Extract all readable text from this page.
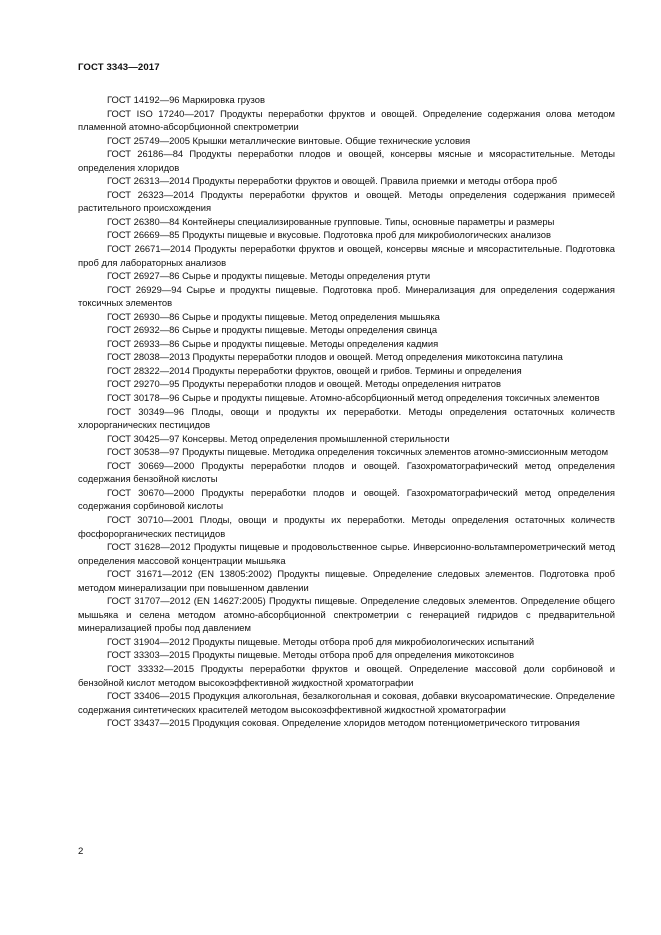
ГОСТ 3343—2017

ГОСТ 14192—96 Маркировка грузов

ГОСТ ISO 17240—2017 Продукты переработки фруктов и овощей. Определение содержания олова методом пламенной атомно-абсорбционной спектрометрии

ГОСТ 25749—2005 Крышки металлические винтовые. Общие технические условия

ГОСТ 26186—84 Продукты переработки плодов и овощей, консервы мясные и мясорастительные. Методы определения хлоридов

ГОСТ 26313—2014 Продукты переработки фруктов и овощей. Правила приемки и методы отбора проб

ГОСТ 26323—2014 Продукты переработки фруктов и овощей. Методы определения содержания примесей растительного происхождения

ГОСТ 26380—84 Контейнеры специализированные групповые. Типы, основные параметры и размеры

ГОСТ 26669—85 Продукты пищевые и вкусовые. Подготовка проб для микробиологических анализов

ГОСТ 26671—2014 Продукты переработки фруктов и овощей, консервы мясные и мясорастительные. Подготовка проб для лабораторных анализов

ГОСТ 26927—86 Сырье и продукты пищевые. Методы определения ртути

ГОСТ 26929—94 Сырье и продукты пищевые. Подготовка проб. Минерализация для определения содержания токсичных элементов

ГОСТ 26930—86 Сырье и продукты пищевые. Метод определения мышьяка

ГОСТ 26932—86 Сырье и продукты пищевые. Методы определения свинца

ГОСТ 26933—86 Сырье и продукты пищевые. Методы определения кадмия

ГОСТ 28038—2013 Продукты переработки плодов и овощей. Метод определения микотоксина патулина

ГОСТ 28322—2014 Продукты переработки фруктов, овощей и грибов. Термины и определения

ГОСТ 29270—95 Продукты переработки плодов и овощей. Методы определения нитратов

ГОСТ 30178—96 Сырье и продукты пищевые. Атомно-абсорбционный метод определения токсичных элементов

ГОСТ 30349—96 Плоды, овощи и продукты их переработки. Методы определения остаточных количеств хлорорганических пестицидов

ГОСТ 30425—97 Консервы. Метод определения промышленной стерильности

ГОСТ 30538—97 Продукты пищевые. Методика определения токсичных элементов атомно-эмиссионным методом

ГОСТ 30669—2000 Продукты переработки плодов и овощей. Газохроматографический метод определения содержания бензойной кислоты

ГОСТ 30670—2000 Продукты переработки плодов и овощей. Газохроматографический метод определения содержания сорбиновой кислоты

ГОСТ 30710—2001 Плоды, овощи и продукты их переработки. Методы определения остаточных количеств фосфорорганических пестицидов

ГОСТ 31628—2012 Продукты пищевые и продовольственное сырье. Инверсионно-вольтамперометрический метод определения массовой концентрации мышьяка

ГОСТ 31671—2012 (EN 13805:2002) Продукты пищевые. Определение следовых элементов. Подготовка проб методом минерализации при повышенном давлении

ГОСТ 31707—2012 (EN 14627:2005) Продукты пищевые. Определение следовых элементов. Определение общего мышьяка и селена методом атомно-абсорбционной спектрометрии с генерацией гидридов с предварительной минерализацией пробы под давлением

ГОСТ 31904—2012 Продукты пищевые. Методы отбора проб для микробиологических испытаний

ГОСТ 33303—2015 Продукты пищевые. Методы отбора проб для определения микотоксинов

ГОСТ 33332—2015 Продукты переработки фруктов и овощей. Определение массовой доли сорбиновой и бензойной кислот методом высокоэффективной жидкостной хроматографии

ГОСТ 33406—2015 Продукция алкогольная, безалкогольная и соковая, добавки вкусоароматические. Определение содержания синтетических красителей методом высокоэффективной жидкостной хроматографии

ГОСТ 33437—2015 Продукция соковая. Определение хлоридов методом потенциометрического титрования

2
